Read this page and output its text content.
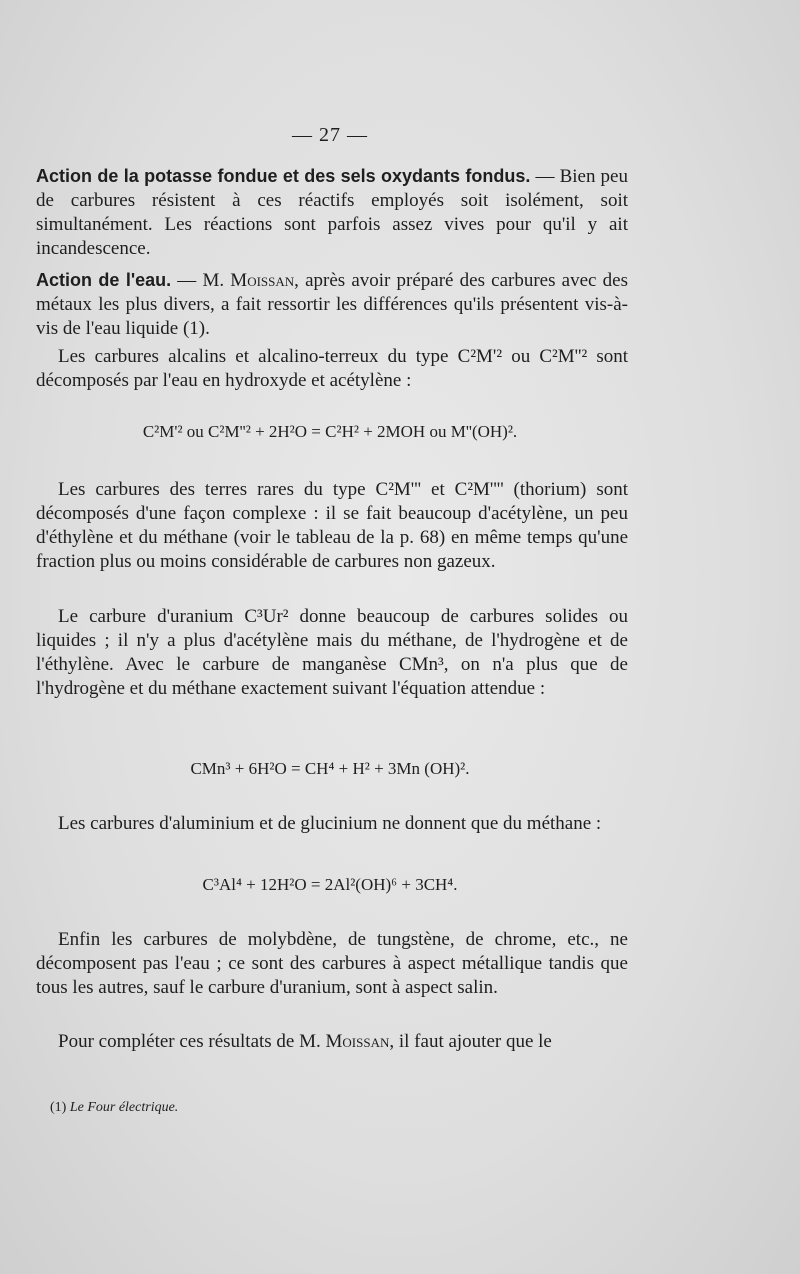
— 27 —

Action de la potasse fondue et des sels oxydants fondus. — Bien peu de carbures résistent à ces réactifs employés soit isolément, soit simultanément. Les réactions sont parfois assez vives pour qu'il y ait incandescence.

Action de l'eau. — M. Moissan, après avoir préparé des carbures avec des métaux les plus divers, a fait ressortir les différences qu'ils présentent vis-à-vis de l'eau liquide (1).

Les carbures alcalins et alcalino-terreux du type C²M'² ou C²M''² sont décomposés par l'eau en hydroxyde et acétylène :

C²M'² ou C²M''² + 2H²O = C²H² + 2MOH ou M''(OH)².

Les carbures des terres rares du type C²M''' et C²M'''' (thorium) sont décomposés d'une façon complexe : il se fait beaucoup d'acétylène, un peu d'éthylène et du méthane (voir le tableau de la p. 68) en même temps qu'une fraction plus ou moins considérable de carbures non gazeux.

Le carbure d'uranium C³Ur² donne beaucoup de carbures solides ou liquides ; il n'y a plus d'acétylène mais du méthane, de l'hydrogène et de l'éthylène. Avec le carbure de manganèse CMn³, on n'a plus que de l'hydrogène et du méthane exactement suivant l'équation attendue :

CMn³ + 6H²O = CH⁴ + H² + 3Mn (OH)².

Les carbures d'aluminium et de glucinium ne donnent que du méthane :

C³Al⁴ + 12H²O = 2Al²(OH)⁶ + 3CH⁴.

Enfin les carbures de molybdène, de tungstène, de chrome, etc., ne décomposent pas l'eau ; ce sont des carbures à aspect métallique tandis que tous les autres, sauf le carbure d'uranium, sont à aspect salin.

Pour compléter ces résultats de M. Moissan, il faut ajouter que le

(1) Le Four électrique.
